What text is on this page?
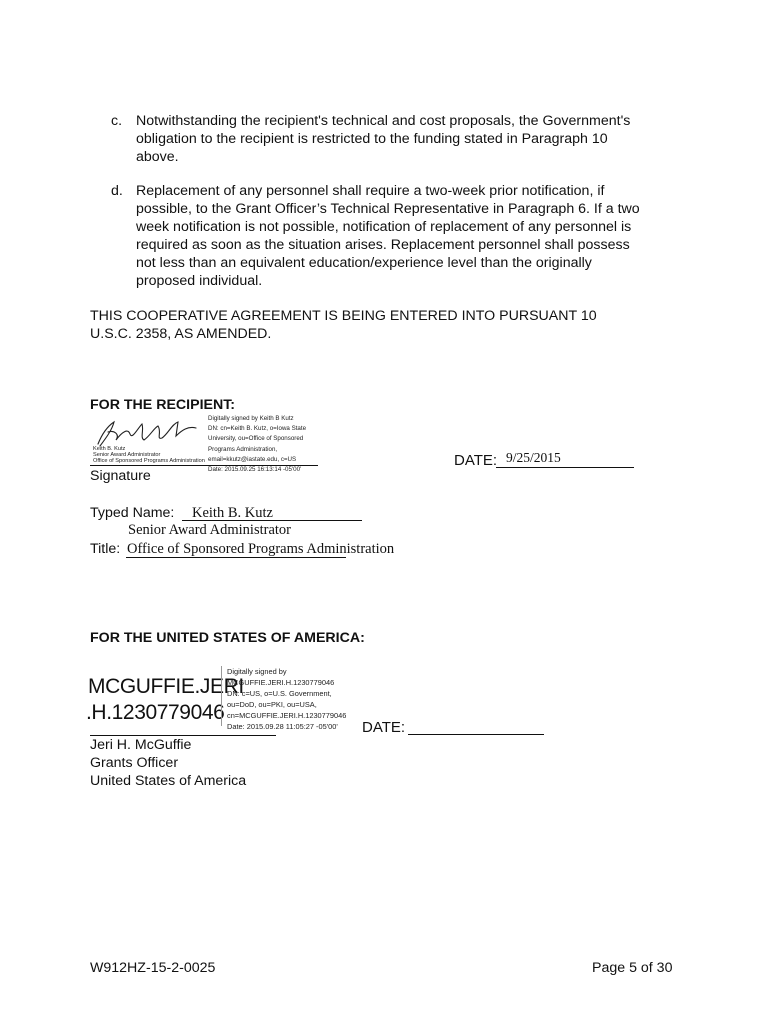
c. Notwithstanding the recipient's technical and cost proposals, the Government's
obligation to the recipient is restricted to the funding stated in Paragraph 10
above.
d. Replacement of any personnel shall require a two-week prior notification, if
possible, to the Grant Officer’s Technical Representative in Paragraph 6. If a two
week notification is not possible, notification of replacement of any personnel is
required as soon as the situation arises. Replacement personnel shall possess
not less than an equivalent education/experience level than the originally
proposed individual.
THIS COOPERATIVE AGREEMENT IS BEING ENTERED INTO PURSUANT 10
U.S.C. 2358, AS AMENDED.
FOR THE RECIPIENT:
Keith B. Kutz
Senior Award Administrator
Office of Sponsored Programs Administration
Digitally signed by Keith B Kutz
DN: cn=Keith B. Kutz, o=Iowa State
University, ou=Office of Sponsored
Programs Administration,
email=kkutz@iastate.edu, c=US
Date: 2015.09.25 16:13:14 -05'00'
Signature
DATE: 9/25/2015
Typed Name: Keith B. Kutz
Senior Award Administrator
Title: Office of Sponsored Programs Administration
FOR THE UNITED STATES OF AMERICA:
MCGUFFIE.JERI
.H.1230779046
Digitally signed by
MCGUFFIE.JERI.H.1230779046
DN: c=US, o=U.S. Government,
ou=DoD, ou=PKI, ou=USA,
cn=MCGUFFIE.JERI.H.1230779046
Date: 2015.09.28 11:05:27 -05'00'	DATE:
Jeri H. McGuffie
Grants Officer
United States of America
W912HZ-15-2-0025	Page 5 of 30
